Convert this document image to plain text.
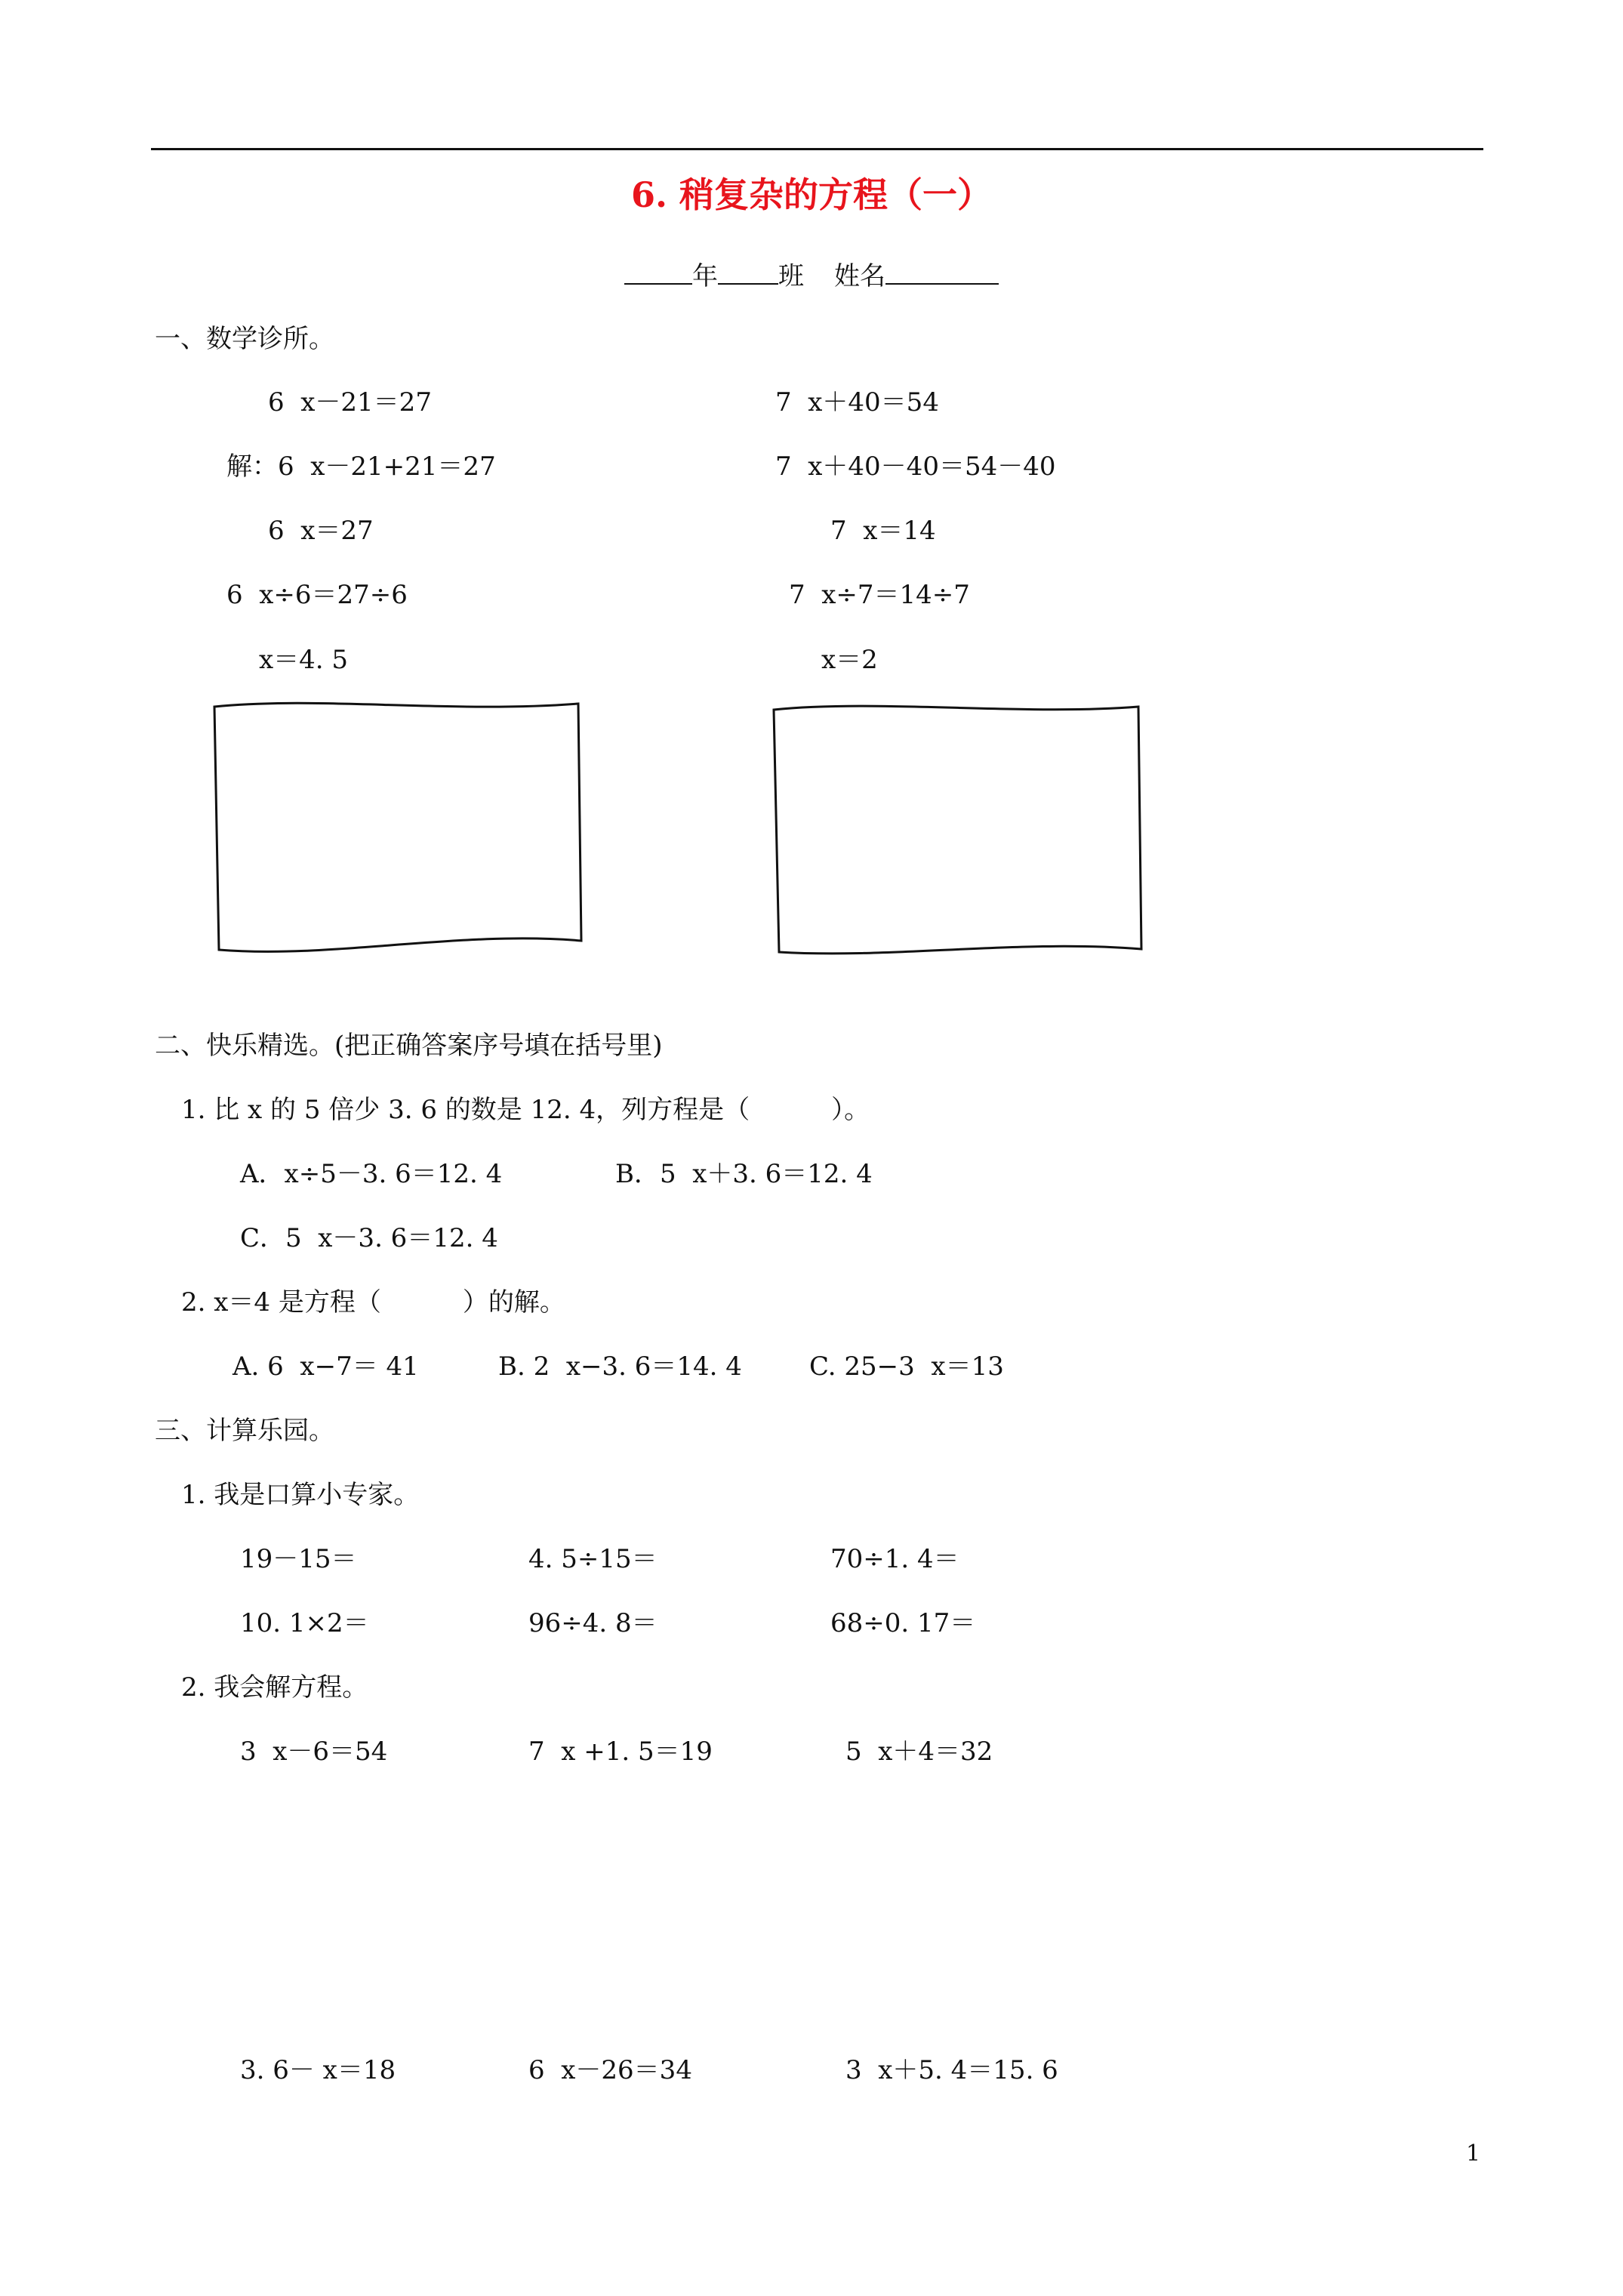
6. 稍复杂的方程（一）
年 班 姓名
一、数学诊所。
6  x－21＝27
解：6  x－21+21＝27
6  x＝27
6  x÷6＝27÷6
x＝4. 5
7  x＋40＝54
7  x＋40－40＝54－40
7  x＝14
7  x÷7＝14÷7
x＝2
二、快乐精选。(把正确答案序号填在括号里)
1. 比 x 的 5 倍少 3. 6 的数是 12. 4，列方程是（          ）。
A．x÷5－3. 6＝12. 4	B．5  x＋3. 6＝12. 4
C．5  x－3. 6＝12. 4
2. x＝4 是方程（          ）的解。
A. 6  x−7＝ 41	B. 2  x−3. 6＝14. 4	C. 25−3  x＝13
三、计算乐园。
1. 我是口算小专家。
19－15＝	4. 5÷15＝	70÷1. 4＝
10. 1×2＝	96÷4. 8＝	68÷0. 17＝
2. 我会解方程。
3  x－6＝54	7  x +1. 5＝19	5  x＋4＝32
3. 6－ x＝18	6  x－26＝34	3  x＋5. 4＝15. 6
1
